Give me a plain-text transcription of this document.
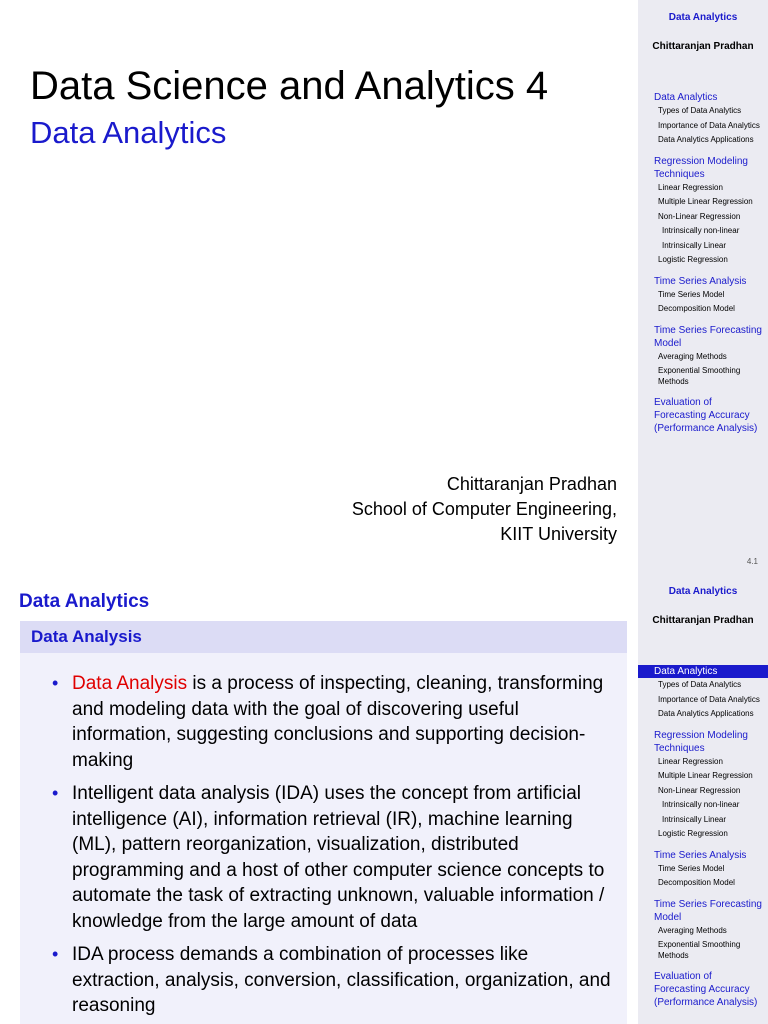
Data Science and Analytics 4
Data Analytics
Chittaranjan Pradhan
School of Computer Engineering,
KIIT University
Data Analytics
Chittaranjan Pradhan
Data Analytics
Types of Data Analytics
Importance of Data Analytics
Data Analytics Applications
Regression Modeling Techniques
Linear Regression
Multiple Linear Regression
Non-Linear Regression
Intrinsically non-linear
Intrinsically Linear
Logistic Regression
Time Series Analysis
Time Series Model
Decomposition Model
Time Series Forecasting Model
Averaging Methods
Exponential Smoothing Methods
Evaluation of Forecasting Accuracy (Performance Analysis)
4.1
Data Analytics
Data Analysis
• Data Analysis is a process of inspecting, cleaning, transforming and modeling data with the goal of discovering useful information, suggesting conclusions and supporting decision-making
• Intelligent data analysis (IDA) uses the concept from artificial intelligence (AI), information retrieval (IR), machine learning (ML), pattern reorganization, visualization, distributed programming and a host of other computer science concepts to automate the task of extracting unknown, valuable information / knowledge from the large amount of data
• IDA process demands a combination of processes like extraction, analysis, conversion, classification, organization, and reasoning
Data Analytics
Chittaranjan Pradhan
Data Analytics
Types of Data Analytics
Importance of Data Analytics
Data Analytics Applications
Regression Modeling Techniques
Linear Regression
Multiple Linear Regression
Non-Linear Regression
Intrinsically non-linear
Intrinsically Linear
Logistic Regression
Time Series Analysis
Time Series Model
Decomposition Model
Time Series Forecasting Model
Averaging Methods
Exponential Smoothing Methods
Evaluation of Forecasting Accuracy (Performance Analysis)
